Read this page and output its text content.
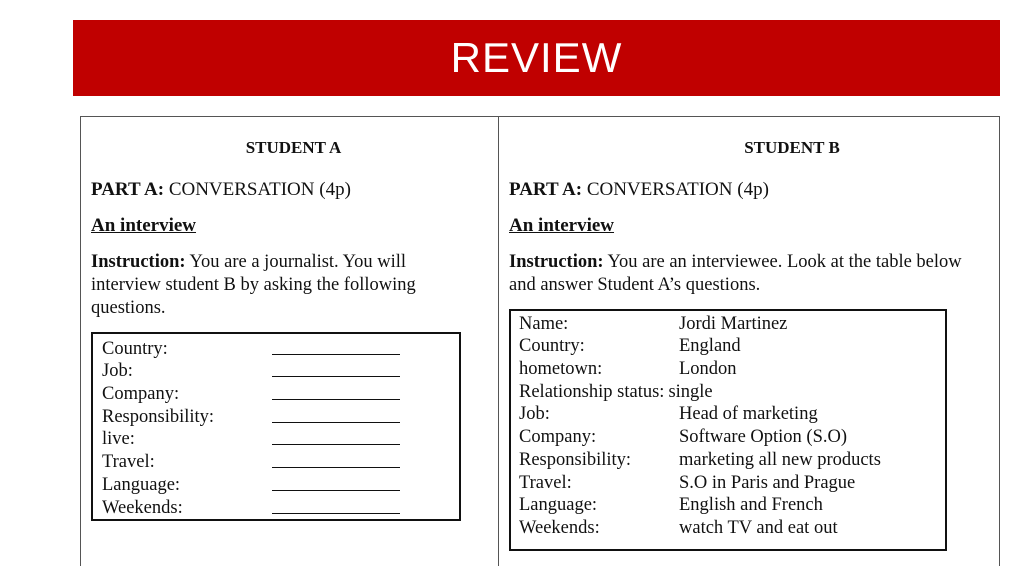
REVIEW
STUDENT A
PART A: CONVERSATION (4p)
An interview
Instruction: You are a journalist. You will interview student B by asking the following questions.
Country:
Job:
Company:
Responsibility:
live:
Travel:
Language:
Weekends:
STUDENT B
PART A: CONVERSATION (4p)
An interview
Instruction: You are an interviewee. Look at the table below and answer Student A’s questions.
Name:	Jordi Martinez
Country:	England
hometown:	London
Relationship status: single
Job:	Head of marketing
Company:	Software Option (S.O)
Responsibility:	marketing all new products
Travel:	S.O in Paris and Prague
Language:	English and French
Weekends:	watch TV and eat out
